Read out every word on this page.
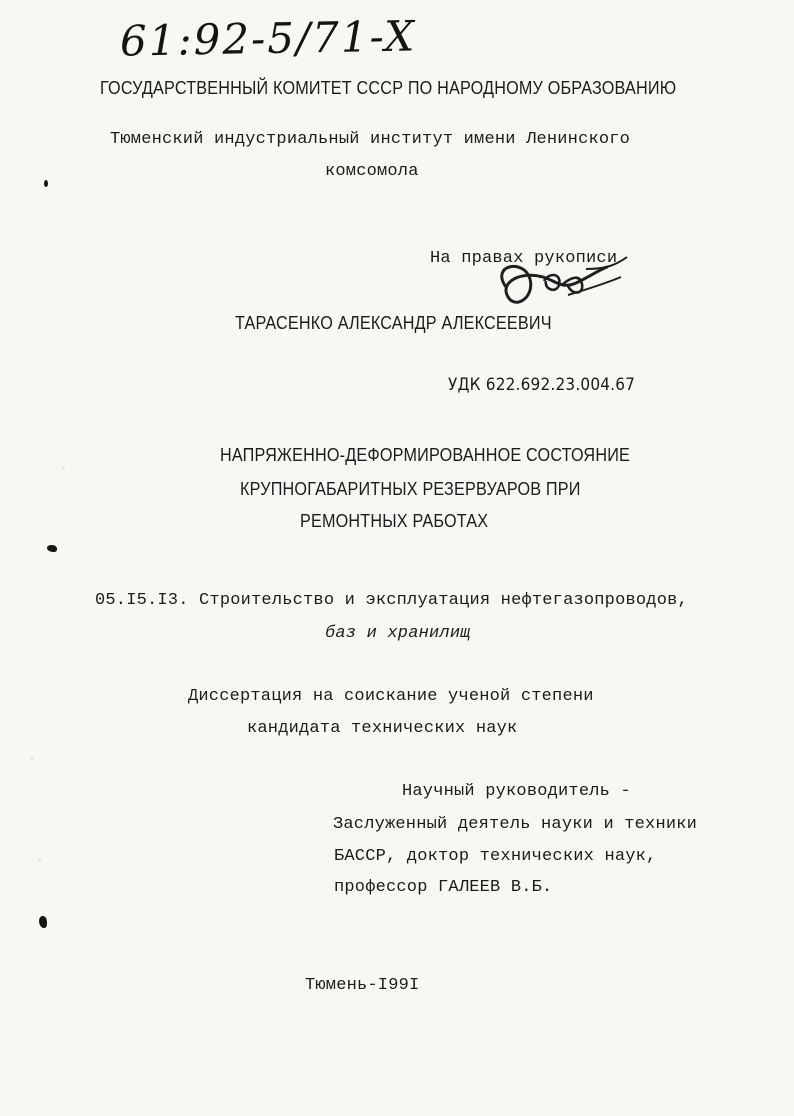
61:92-5/71-X
ГОСУДАРСТВЕННЫЙ КОМИТЕТ СССР ПО НАРОДНОМУ ОБРАЗОВАНИЮ
Тюменский индустриальный институт имени Ленинского
комсомола
На правах рукописи
ТАРАСЕНКО АЛЕКСАНДР АЛЕКСЕЕВИЧ
УДК 622.692.23.004.67
НАПРЯЖЕННО-ДЕФОРМИРОВАННОЕ СОСТОЯНИЕ
КРУПНОГАБАРИТНЫХ РЕЗЕРВУАРОВ ПРИ
РЕМОНТНЫХ РАБОТАХ
05.I5.I3. Строительство и эксплуатация нефтегазопроводов,
баз и хранилищ
Диссертация на соискание ученой степени
кандидата технических наук
Научный руководитель -
Заслуженный деятель науки и техники
БАССР, доктор технических наук,
профессор ГАЛЕЕВ В.Б.
Тюмень-I99I
